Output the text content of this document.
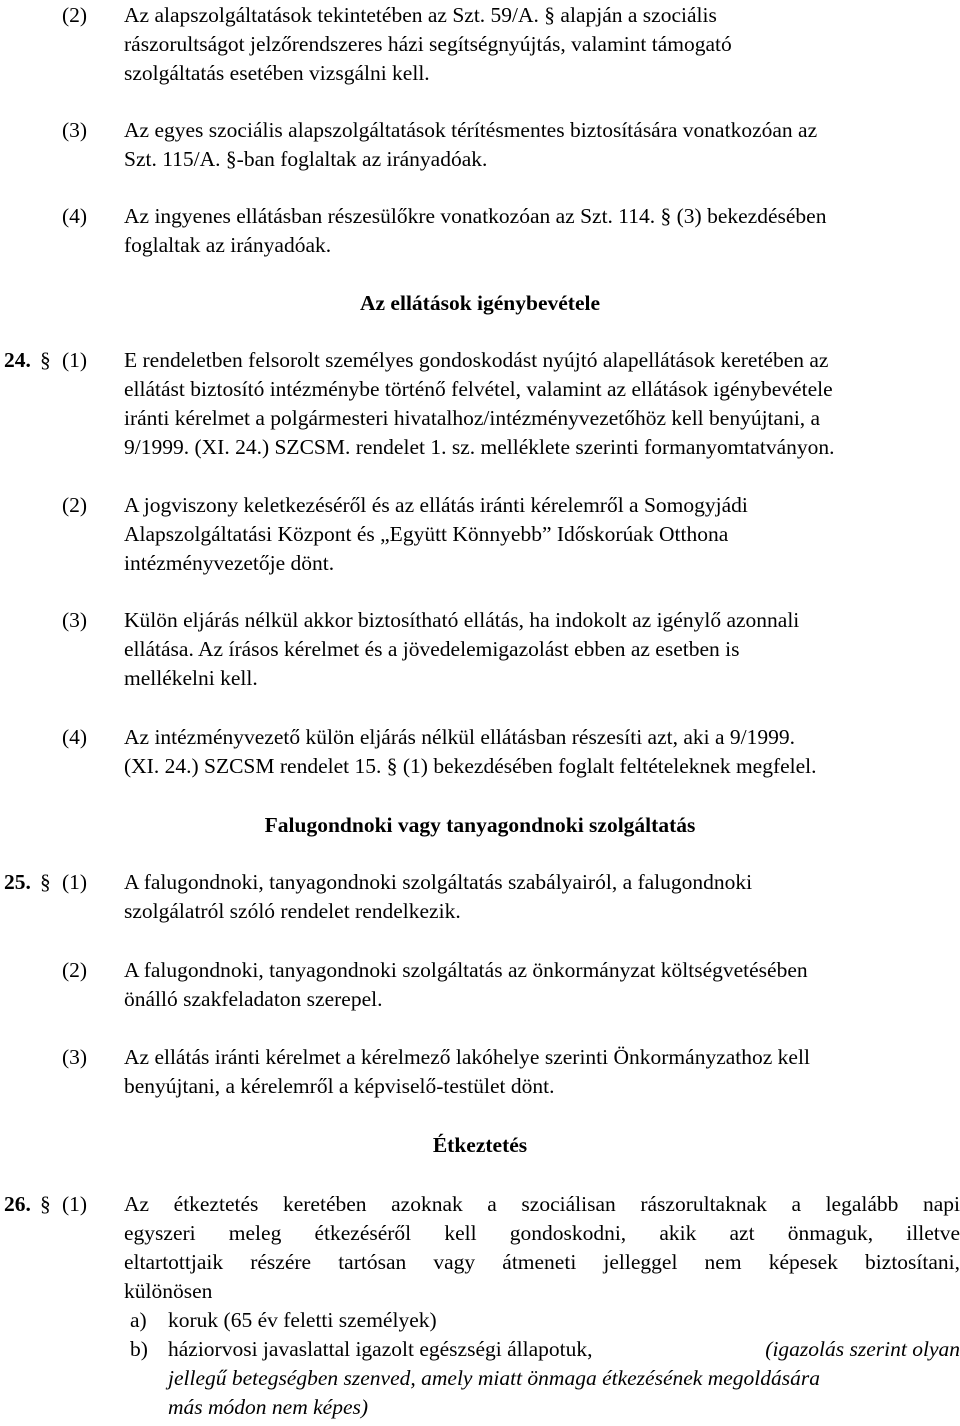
(2) Az alapszolgáltatások tekintetében az Szt. 59/A. § alapján a szociális
rászorultságot jelzőrendszeres házi segítségnyújtás, valamint támogató
szolgáltatás esetében vizsgálni kell.
(3) Az egyes szociális alapszolgáltatások térítésmentes biztosítására vonatkozóan az
Szt. 115/A. §-ban foglaltak az irányadóak.
(4) Az ingyenes ellátásban részesülőkre vonatkozóan az Szt. 114. § (3) bekezdésében
foglaltak az irányadóak.
Az ellátások igénybevétele
24. § (1) E rendeletben felsorolt személyes gondoskodást nyújtó alapellátások keretében az
ellátást biztosító intézménybe történő felvétel, valamint az ellátások igénybevétele
iránti kérelmet a polgármesteri hivatalhoz/intézményvezetőhöz kell benyújtani, a
9/1999. (XI. 24.) SZCSM. rendelet 1. sz. melléklete szerinti formanyomtatványon.
(2) A jogviszony keletkezéséről és az ellátás iránti kérelemről a Somogyjádi
Alapszolgáltatási Központ és „Együtt Könnyebb” Időskorúak Otthona
intézményvezetője dönt.
(3) Külön eljárás nélkül akkor biztosítható ellátás, ha indokolt az igénylő azonnali
ellátása. Az írásos kérelmet és a jövedelemigazolást ebben az esetben is
mellékelni kell.
(4) Az intézményvezető külön eljárás nélkül ellátásban részesíti azt, aki a 9/1999.
(XI. 24.) SZCSM rendelet 15. § (1) bekezdésében foglalt feltételeknek megfelel.
Falugondnoki vagy tanyagondnoki szolgáltatás
25. § (1) A falugondnoki, tanyagondnoki szolgáltatás szabályairól, a falugondnoki
szolgálatról szóló rendelet rendelkezik.
(2) A falugondnoki, tanyagondnoki szolgáltatás az önkormányzat költségvetésében
önálló szakfeladaton szerepel.
(3) Az ellátás iránti kérelmet a kérelmező lakóhelye szerinti Önkormányzathoz kell
benyújtani, a kérelemről a képviselő-testület dönt.
Étkeztetés
26. § (1) Az étkeztetés keretében azoknak a szociálisan rászorultaknak a legalább napi
egyszeri meleg étkezéséről kell gondoskodni, akik azt önmaguk, illetve
eltartottjaik részére tartósan vagy átmeneti jelleggel nem képesek biztosítani,
különösen
a) koruk (65 év feletti személyek)
b) háziorvosi javaslattal igazolt egészségi állapotuk,	(igazolás szerint olyan
jellegű betegségben szenved, amely miatt önmaga étkezésének megoldására
más módon nem képes)
